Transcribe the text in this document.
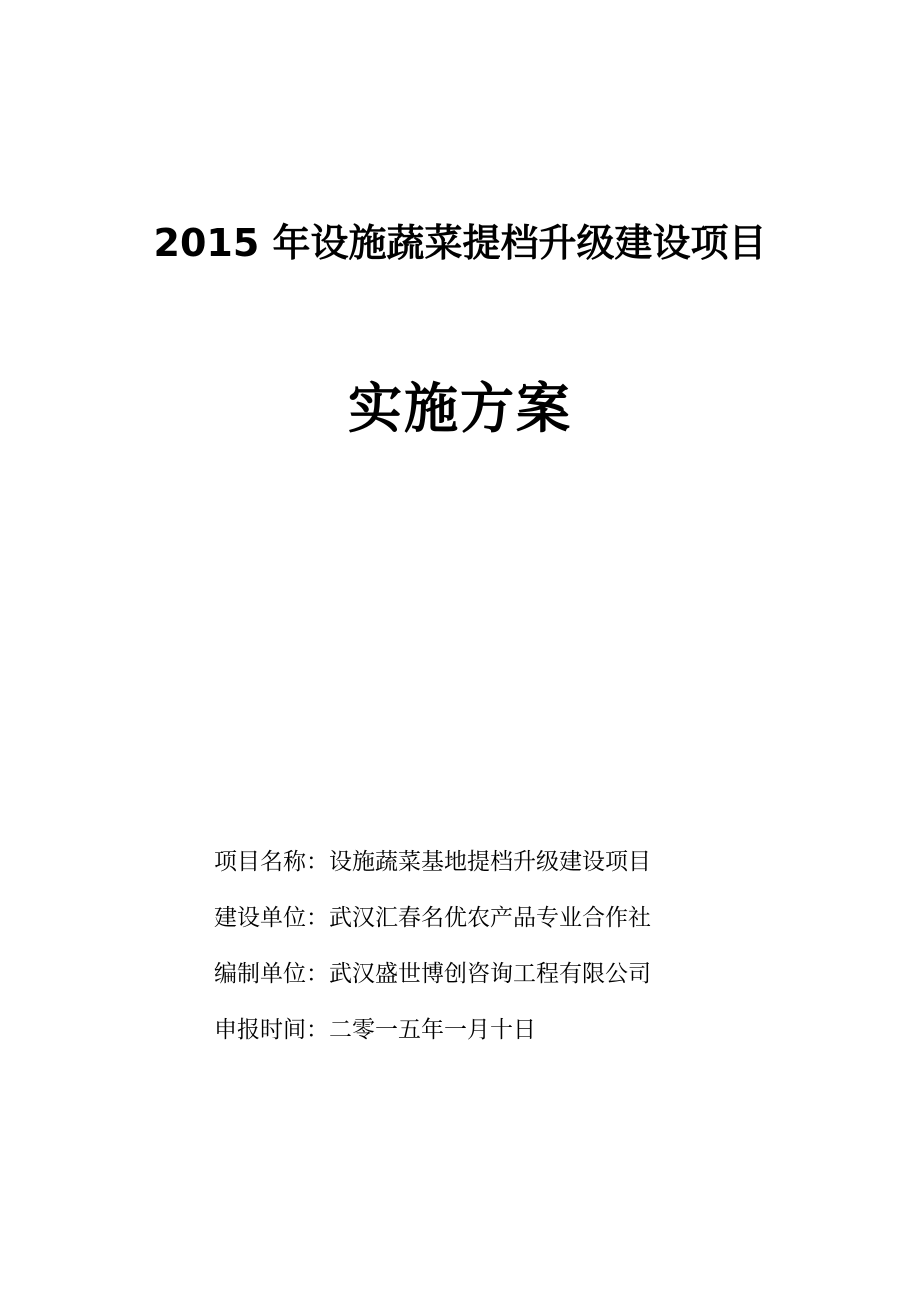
2015 年设施蔬菜提档升级建设项目
实施方案
项目名称：设施蔬菜基地提档升级建设项目
建设单位：武汉汇春名优农产品专业合作社
编制单位：武汉盛世博创咨询工程有限公司
申报时间：二零一五年一月十日
